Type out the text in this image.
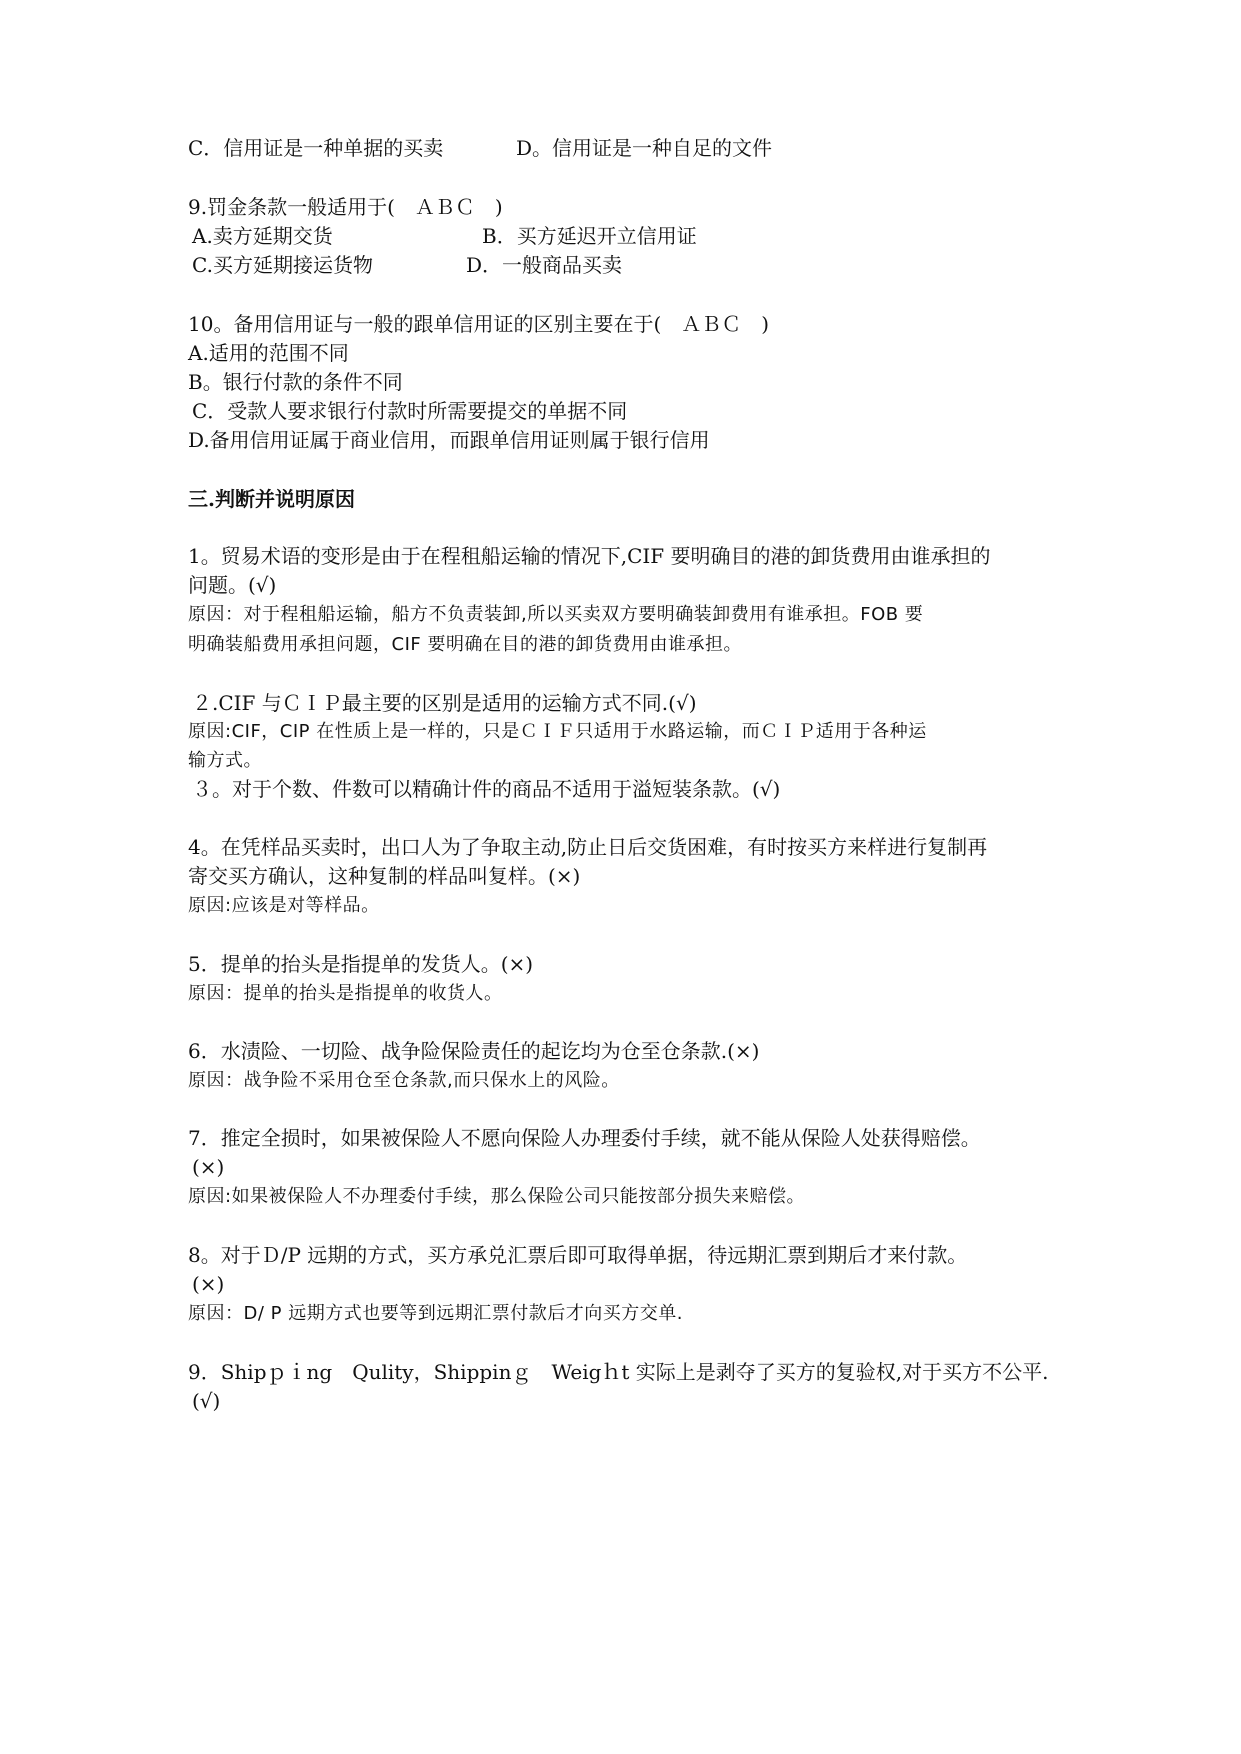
C．信用证是一种单据的买卖	D。信用证是一种自足的文件
9.罚金条款一般适用于(　ＡＢＣ　)
A.卖方延期交货	B．买方延迟开立信用证
C.买方延期接运货物	D．一般商品买卖
10。备用信用证与一般的跟单信用证的区别主要在于(　ＡＢＣ　)
A.适用的范围不同
B。银行付款的条件不同
C．受款人要求银行付款时所需要提交的单据不同
D.备用信用证属于商业信用，而跟单信用证则属于银行信用
三.判断并说明原因
1。贸易术语的变形是由于在程租船运输的情况下,CIF 要明确目的港的卸货费用由谁承担的
问题。(√)
原因：对于程租船运输，船方不负责装卸,所以买卖双方要明确装卸费用有谁承担。FOB 要
明确装船费用承担问题，CIF 要明确在目的港的卸货费用由谁承担。
２.CIF 与ＣＩＰ最主要的区别是适用的运输方式不同.(√)
原因:CIF，CIP 在性质上是一样的，只是ＣＩＦ只适用于水路运输，而ＣＩＰ适用于各种运
输方式。
３。对于个数、件数可以精确计件的商品不适用于溢短装条款。(√)
4。在凭样品买卖时，出口人为了争取主动,防止日后交货困难，有时按买方来样进行复制再
寄交买方确认，这种复制的样品叫复样。(×)
原因:应该是对等样品。
5．提单的抬头是指提单的发货人。(×)
原因：提单的抬头是指提单的收货人。
6．水渍险、一切险、战争险保险责任的起讫均为仓至仓条款.(×)
原因：战争险不采用仓至仓条款,而只保水上的风险。
7．推定全损时，如果被保险人不愿向保险人办理委付手续，就不能从保险人处获得赔偿。
(×)
原因:如果被保险人不办理委付手续，那么保险公司只能按部分损失来赔偿。
8。对于Ｄ/P 远期的方式，买方承兑汇票后即可取得单据，待远期汇票到期后才来付款。
(×)
原因：D/ P 远期方式也要等到远期汇票付款后才向买方交单.
9．Shipｐｉng　Qulity，Shippinｇ　Weigｈt 实际上是剥夺了买方的复验权,对于买方不公平.
(√)
